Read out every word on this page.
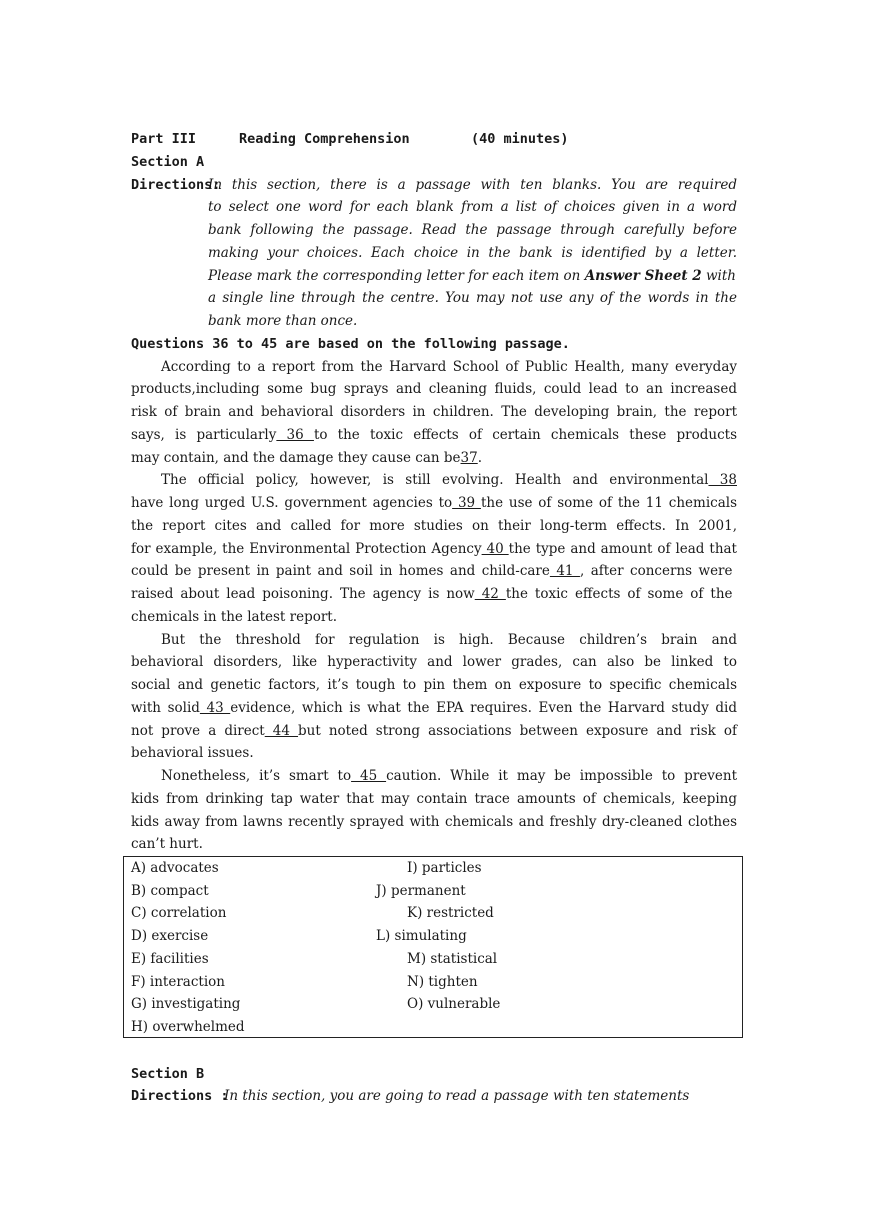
Part III	Reading Comprehension	(40 minutes)
Section A
Directions:
In this section, there is a passage with ten blanks. You are required
to select one word for each blank from a list of choices given in a word
bank following the passage. Read the passage through carefully before
making your choices. Each choice in the bank is identified by a letter.
Please mark the corresponding letter for each item on
Answer Sheet 2
with
a single line through the centre. You may not use any of the words in the
bank more than once.
Questions 36 to 45 are based on the following passage.
According to a report from the Harvard School of Public Health, many everyday
products,including some bug sprays and cleaning fluids, could lead to an increased
risk of brain and behavioral disorders in children. The developing brain, the report
says, is particularly 36 to the toxic effects of certain chemicals these products
may contain, and the damage they cause can be 37 .
The official policy, however, is still evolving. Health and environmental 38
have long urged U.S. government agencies to 39 the use of some of the 11 chemicals
the report cites and called for more studies on their long-term effects. In 2001,
for example, the Environmental Protection Agency 40 the type and amount of lead that
could be present in paint and soil in homes and child-care 41 , after concerns were
raised about lead poisoning. The agency is now 42 the toxic effects of some of the
chemicals in the latest report.
But the threshold for regulation is high. Because children’s brain and
behavioral disorders, like hyperactivity and lower grades, can also be linked to
social and genetic factors, it’s tough to pin them on exposure to specific chemicals
with solid 43 evidence, which is what the EPA requires. Even the Harvard study did
not prove a direct 44 but noted strong associations between exposure and risk of
behavioral issues.
Nonetheless, it’s smart to 45 caution. While it may be impossible to prevent
kids from drinking tap water that may contain trace amounts of chemicals, keeping
kids away from lawns recently sprayed with chemicals and freshly dry-cleaned clothes
can’t hurt.
A) advocates
B) compact
C) correlation
D) exercise
E) facilities
F) interaction
G) investigating
H) overwhelmed
I) particles
J) permanent
K) restricted
L) simulating
M) statistical
N) tighten
O) vulnerable
Section B
Directions :
In this section, you are going to read a passage with ten statements
